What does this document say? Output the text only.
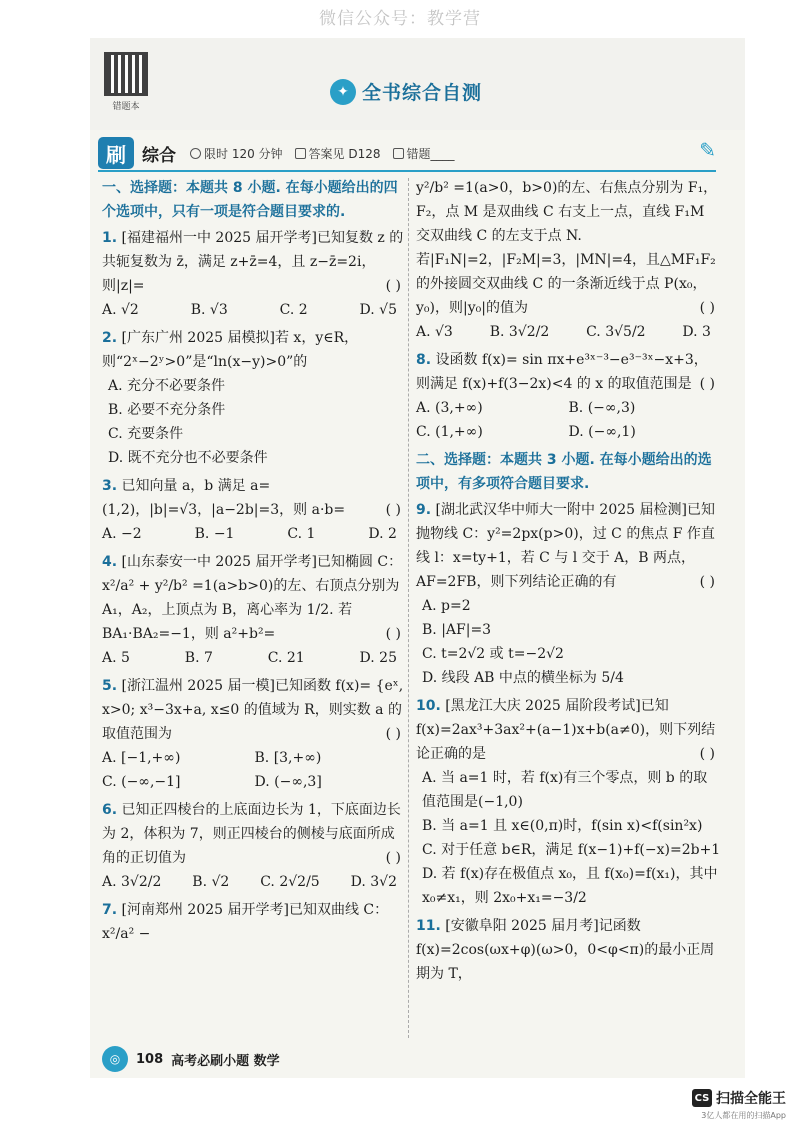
微信公众号：教学营
错题本
✦ 全书综合自测
刷 综合 限时 120 分钟 答案见 D128 错题____	✎
一、选择题：本题共 8 小题. 在每小题给出的四个选项中，只有一项是符合题目要求的.
1. [福建福州一中 2025 届开学考]已知复数 z 的共轭复数为 z̄，满足 z+z̄=4，且 z−z̄=2i，则|z|=	( )
A. √2	B. √3	C. 2	D. √5
2. [广东广州 2025 届模拟]若 x，y∈R，则“2ˣ−2ʸ>0”是“ln(x−y)>0”的
A. 充分不必要条件
B. 必要不充分条件
C. 充要条件
D. 既不充分也不必要条件
3. 已知向量 a，b 满足 a=(1,2)，|b|=√3，|a−2b|=3，则 a·b=	( )
A. −2	B. −1	C. 1	D. 2
4. [山东泰安一中 2025 届开学考]已知椭圆 C：x²/a² + y²/b² =1(a>b>0)的左、右顶点分别为 A₁，A₂，上顶点为 B，离心率为 1/2. 若 BA₁·BA₂=−1，则 a²+b²=	( )
A. 5	B. 7	C. 21	D. 25
5. [浙江温州 2025 届一模]已知函数 f(x)= {eˣ, x>0; x³−3x+a, x≤0 的值域为 R，则实数 a 的取值范围为	( )
A. [−1,+∞)	B. [3,+∞)
C. (−∞,−1]	D. (−∞,3]
6. 已知正四棱台的上底面边长为 1，下底面边长为 2，体积为 7，则正四棱台的侧棱与底面所成角的正切值为	( )
A. 3√2/2 B. √2 C. 2√2/5 D. 3√2
7. [河南郑州 2025 届开学考]已知双曲线 C：x²/a² −
y²/b² =1(a>0，b>0)的左、右焦点分别为 F₁，F₂，点 M 是双曲线 C 右支上一点，直线 F₁M 交双曲线 C 的左支于点 N. 若|F₁N|=2，|F₂M|=3，|MN|=4，且△MF₁F₂ 的外接圆交双曲线 C 的一条渐近线于点 P(x₀，y₀)，则|y₀|的值为	( )
A. √3	B. 3√2/2	C. 3√5/2	D. 3
8. 设函数 f(x)= sin πx+e³ˣ⁻³−e³⁻³ˣ−x+3，则满足 f(x)+f(3−2x)<4 的 x 的取值范围是 ( )
A. (3,+∞)	B. (−∞,3)
C. (1,+∞)	D. (−∞,1)
二、选择题：本题共 3 小题. 在每小题给出的选项中，有多项符合题目要求.
9. [湖北武汉华中师大一附中 2025 届检测]已知抛物线 C：y²=2px(p>0)，过 C 的焦点 F 作直线 l：x=ty+1，若 C 与 l 交于 A，B 两点，AF=2FB，则下列结论正确的有	( )
A. p=2
B. |AF|=3
C. t=2√2 或 t=−2√2
D. 线段 AB 中点的横坐标为 5/4
10. [黑龙江大庆 2025 届阶段考试]已知 f(x)=2ax³+3ax²+(a−1)x+b(a≠0)，则下列结论正确的是	( )
A. 当 a=1 时，若 f(x)有三个零点，则 b 的取值范围是(−1,0)
B. 当 a=1 且 x∈(0,π)时，f(sin x)<f(sin²x)
C. 对于任意 b∈R，满足 f(x−1)+f(−x)=2b+1
D. 若 f(x)存在极值点 x₀，且 f(x₀)=f(x₁)，其中 x₀≠x₁，则 2x₀+x₁=−3/2
11. [安徽阜阳 2025 届月考]记函数 f(x)=2cos(ωx+φ)(ω>0，0<φ<π)的最小正周期为 T，
◎	108 高考必刷小题 数学
CS 扫描全能王
3亿人都在用的扫描App
